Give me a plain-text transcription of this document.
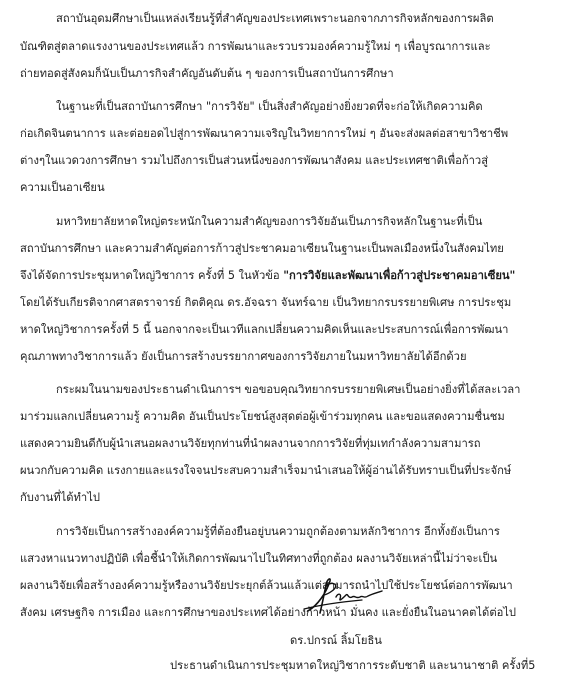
สถาบันอุดมศึกษาเป็นแหล่งเรียนรู้ที่สำคัญของประเทศเพราะนอกจากภารกิจหลักของการผลิต
บัณฑิตสู่ตลาดแรงงานของประเทศแล้ว การพัฒนาและรวบรวมองค์ความรู้ใหม่ ๆ เพื่อบูรณาการและ
ถ่ายทอดสู่สังคมก็นับเป็นภารกิจสำคัญอันดับต้น ๆ ของการเป็นสถาบันการศึกษา
ในฐานะที่เป็นสถาบันการศึกษา "การวิจัย" เป็นสิ่งสำคัญอย่างยิ่งยวดที่จะก่อให้เกิดความคิด
ก่อเกิดจินตนาการ และต่อยอดไปสู่การพัฒนาความเจริญในวิทยาการใหม่ ๆ อันจะส่งผลต่อสาขาวิชาชีพ
ต่างๆในแวดวงการศึกษา รวมไปถึงการเป็นส่วนหนึ่งของการพัฒนาสังคม และประเทศชาติเพื่อก้าวสู่
ความเป็นอาเซียน
มหาวิทยาลัยหาดใหญ่ตระหนักในความสำคัญของการวิจัยอันเป็นภารกิจหลักในฐานะที่เป็น
สถาบันการศึกษา และความสำคัญต่อการก้าวสู่ประชาคมอาเซียนในฐานะเป็นพลเมืองหนึ่งในสังคมไทย
จึงได้จัดการประชุมหาดใหญ่วิชาการ ครั้งที่ 5 ในหัวข้อ "การวิจัยและพัฒนาเพื่อก้าวสู่ประชาคมอาเซียน"
โดยได้รับเกียรติจากศาสตราจารย์ กิตติคุณ ดร.อัจฉรา จันทร์ฉาย เป็นวิทยากรบรรยายพิเศษ การประชุม
หาดใหญ่วิชาการครั้งที่ 5 นี้ นอกจากจะเป็นเวทีแลกเปลี่ยนความคิดเห็นและประสบการณ์เพื่อการพัฒนา
คุณภาพทางวิชาการแล้ว ยังเป็นการสร้างบรรยากาศของการวิจัยภายในมหาวิทยาลัยได้อีกด้วย
กระผมในนามของประธานดำเนินการฯ ขอขอบคุณวิทยากรบรรยายพิเศษเป็นอย่างยิ่งที่ได้สละเวลา
มาร่วมแลกเปลี่ยนความรู้ ความคิด อันเป็นประโยชน์สูงสุดต่อผู้เข้าร่วมทุกคน และขอแสดงความชื่นชม
แสดงความยินดีกับผู้นำเสนอผลงานวิจัยทุกท่านที่นำผลงานจากการวิจัยที่ทุ่มเทกำลังความสามารถ
ผนวกกับความคิด แรงกายและแรงใจจนประสบความสำเร็จมานำเสนอให้ผู้อ่านได้รับทราบเป็นที่ประจักษ์
กับงานที่ได้ทำไป
การวิจัยเป็นการสร้างองค์ความรู้ที่ต้องยืนอยู่บนความถูกต้องตามหลักวิชาการ อีกทั้งยังเป็นการ
แสวงหาแนวทางปฏิบัติ เพื่อชี้นำให้เกิดการพัฒนาไปในทิศทางที่ถูกต้อง ผลงานวิจัยเหล่านี้ไม่ว่าจะเป็น
ผลงานวิจัยเพื่อสร้างองค์ความรู้หรืองานวิจัยประยุกต์ล้วนแล้วแต่สามารถนำไปใช้ประโยชน์ต่อการพัฒนา
สังคม เศรษฐกิจ การเมือง และการศึกษาของประเทศได้อย่างก้าวหน้า มั่นคง และยั่งยืนในอนาคตได้ต่อไป
ดร.ปกรณ์ ลิ้มโยธิน
ประธานดำเนินการประชุมหาดใหญ่วิชาการระดับชาติ และนานาชาติ ครั้งที่5
